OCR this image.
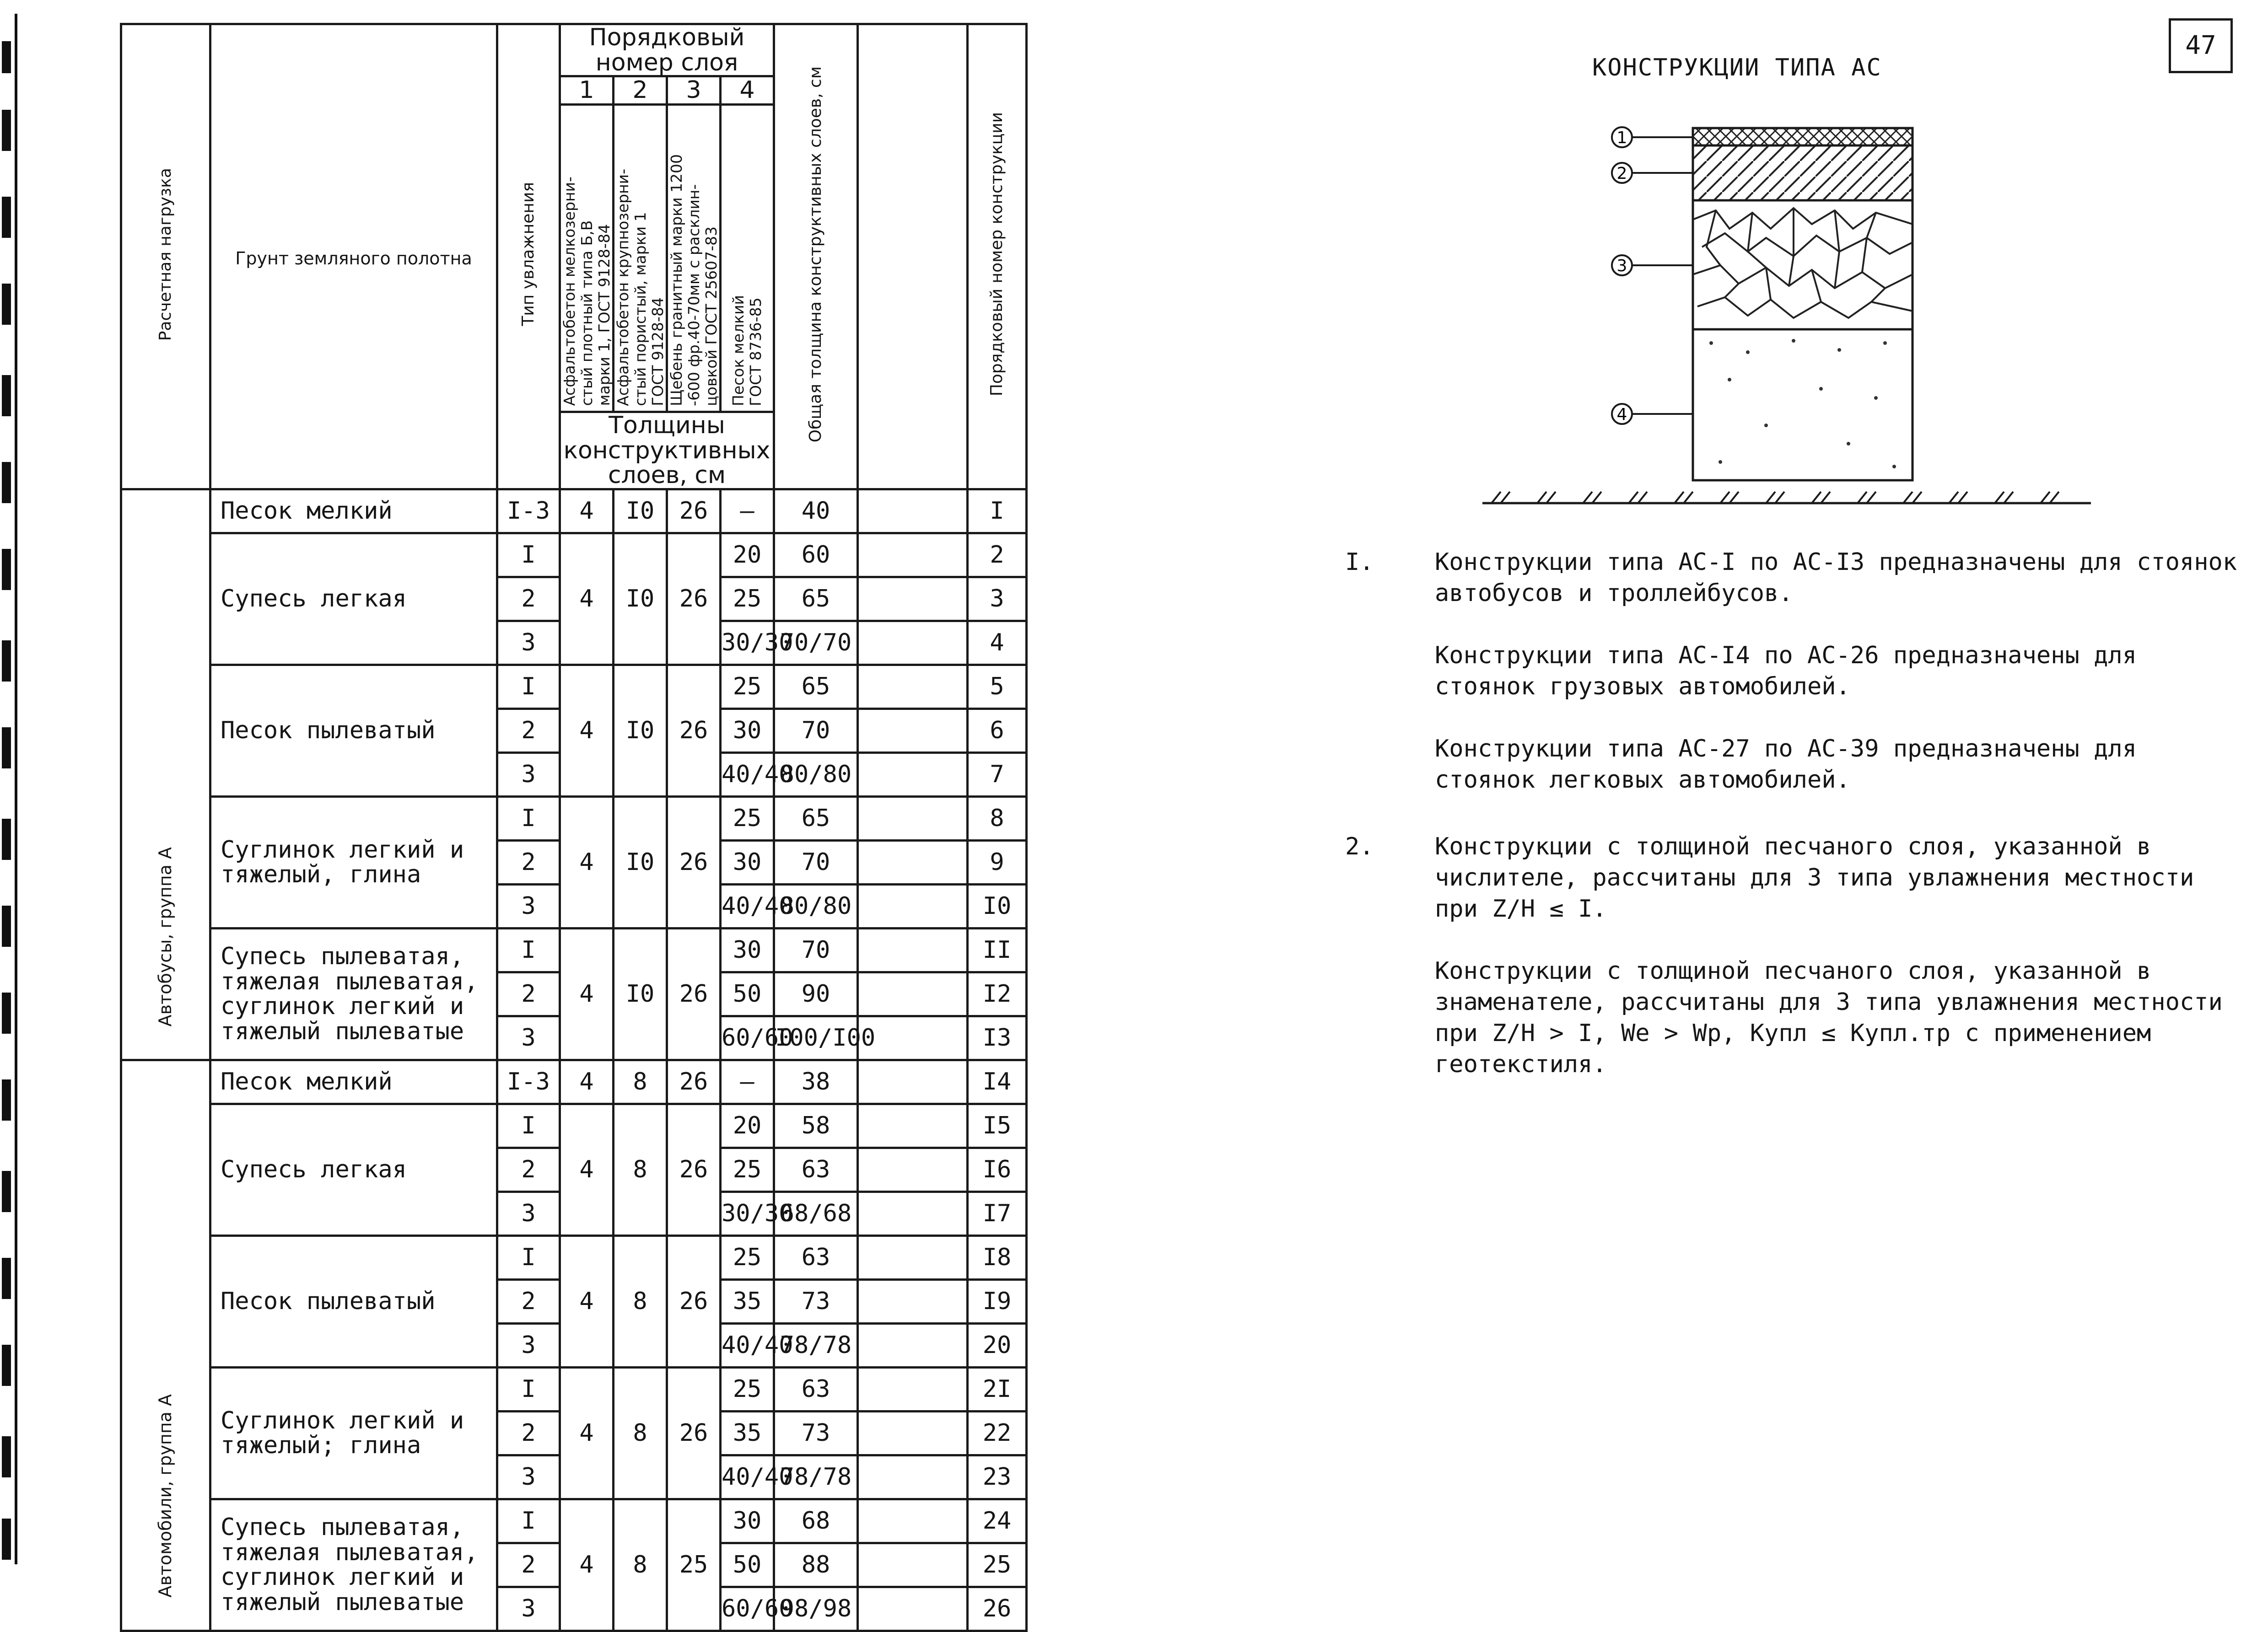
Расчетная нагрузка	Грунт земляного полотна	Тип увлажнения	Порядковый номер слоя				Общая толщина конструктивных слоев, см		Порядковый номер конструкции	
			1	2	3	4				
			Асфальтобетон мелкозерни-
стый плотный типа Б,В
марки 1, ГОСТ 9128-84	Асфальтобетон крупнозерни-
стый пористый, марки 1
ГОСТ 9128-84	Щебень гранитный марки 1200
-600 фр.40-70мм с расклин-
цовкой ГОСТ 25607-83	Песок мелкий
ГОСТ 8736-85				
			Толщины конструктивных слоев, см							
Автобусы, группа А	Песок мелкий	I-3	4	I0	26	–	40		I	
	Супесь легкая	I	4	I0	26	20	60		2	
		2				25	65		3	
		3				30/30	70/70		4	
	Песок пылеватый	I	4	I0	26	25	65		5	
		2				30	70		6	
		3				40/40	80/80		7	
	Суглинок легкий и тяжелый, глина	I	4	I0	26	25	65		8	
		2				30	70		9	
		3				40/40	80/80		I0	
	Супесь пылеватая, тяжелая пылеватая, суглинок легкий и тяжелый пылеватые	I	4	I0	26	30	70		II	
		2				50	90		I2	
		3				60/60	I00/I00		I3	
Автомобили, группа А	Песок мелкий	I-3	4	8	26	–	38		I4	
	Супесь легкая	I	4	8	26	20	58		I5	
		2				25	63		I6	
		3				30/30	68/68		I7	
	Песок пылеватый	I	4	8	26	25	63		I8	
		2				35	73		I9	
		3				40/40	78/78		20	
	Суглинок легкий и тяжелый; глина	I	4	8	26	25	63		2I	
		2				35	73		22	
		3				40/40	78/78		23	
	Супесь пылеватая, тяжелая пылеватая, суглинок легкий и тяжелый пылеватые	I	4	8	25	30	68		24	
		2				50	88		25	
		3				60/60	98/98		26	
47
КОНСТРУКЦИИ ТИПА АС
1
2
3
4
I.	Конструкции типа АС-I по АС-I3 предназначены для стоянок автобусов и троллейбусов.
Конструкции типа АС-I4 по АС-26 предназначены для стоянок грузовых автомобилей.
Конструкции типа АС-27 по АС-39 предназначены для стоянок легковых автомобилей.
2.	Конструкции с толщиной песчаного слоя, указанной в числителе, рассчитаны для 3 типа увлажнения местности при Z/H ≤ I.
Конструкции с толщиной песчаного слоя, указанной в знаменателе, рассчитаны для 3 типа увлажнения местности при Z/H > I, We > Wр, Купл ≤ Купл.тр с применением геотекстиля.
